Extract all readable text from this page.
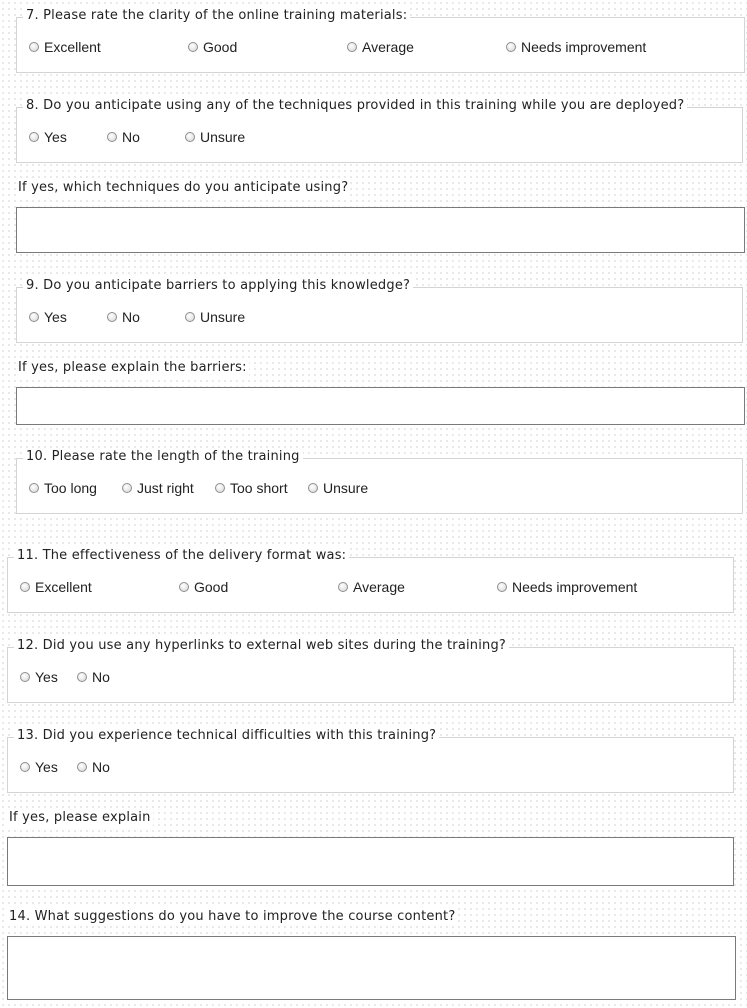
7. Please rate the clarity of the online training materials:
Excellent	Good	Average	Needs improvement
8. Do you anticipate using any of the techniques provided in this training while you are deployed?
Yes	No	Unsure
If yes, which techniques do you anticipate using?
9. Do you anticipate barriers to applying this knowledge?
Yes	No	Unsure
If yes, please explain the barriers:
10. Please rate the length of the training
Too long	Just right	Too short	Unsure
11. The effectiveness of the delivery format was:
Excellent	Good	Average	Needs improvement
12. Did you use any hyperlinks to external web sites during the training?
Yes No
13. Did you experience technical difficulties with this training?
Yes No
If yes, please explain
14. What suggestions do you have to improve the course content?
